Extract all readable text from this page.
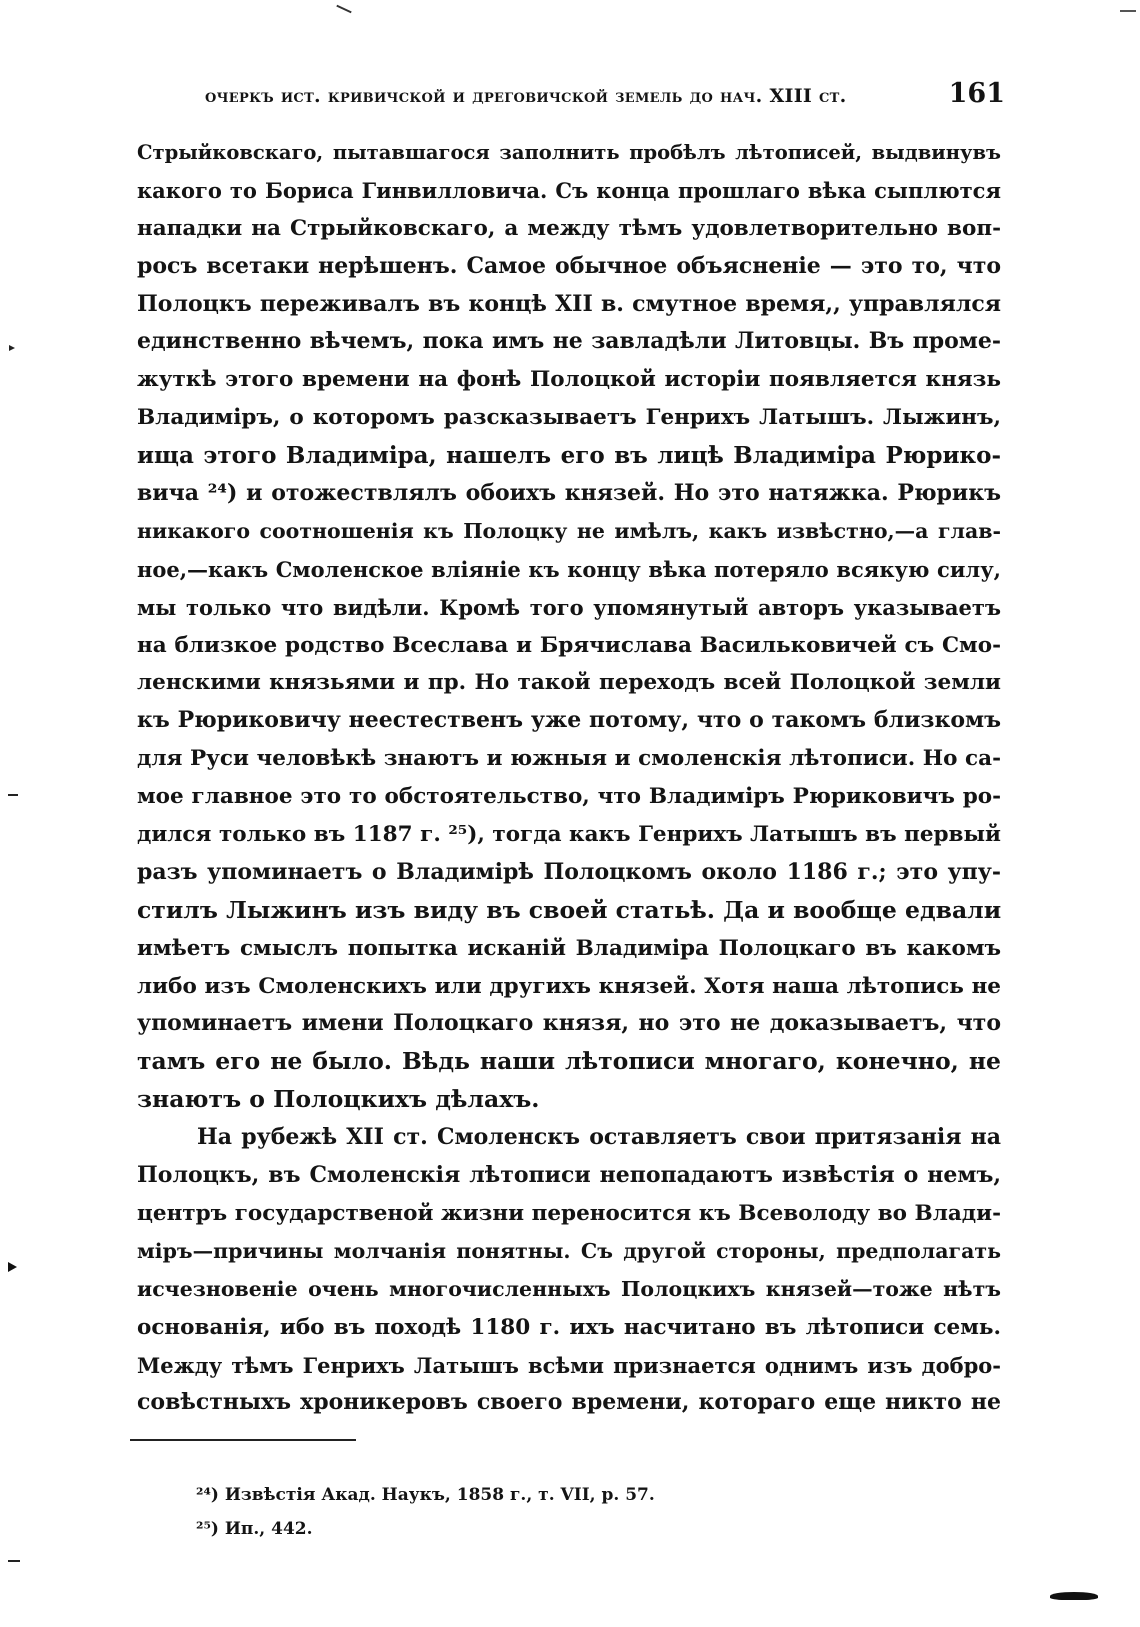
очеркъ ист. кривичской и дреговичской земель до нач. XIII ст.	161
Стрыйковскаго, пытавшагося заполнить пробѣлъ лѣтописей, выдвинувъ
какого то Бориса Гинвилловича. Съ конца прошлаго вѣка сыплются
нападки на Стрыйковскаго, а между тѣмъ удовлетворительно воп-
росъ всетаки нерѣшенъ. Самое обычное объясненіе — это то, что
Полоцкъ переживалъ въ концѣ XII в. смутное время,, управлялся
единственно вѣчемъ, пока имъ не завладѣли Литовцы. Въ проме-
жуткѣ этого времени на фонѣ Полоцкой исторіи появляется князь
Владиміръ, о которомъ разсказываетъ Генрихъ Латышъ. Лыжинъ,
ища этого Владиміра, нашелъ его въ лицѣ Владиміра Рюрико-
вича ²⁴) и отожествлялъ обоихъ князей. Но это натяжка. Рюрикъ
никакого соотношенія къ Полоцку не имѣлъ, какъ извѣстно,—а глав-
ное,—какъ Смоленское вліяніе къ концу вѣка потеряло всякую силу,
мы только что видѣли. Кромѣ того упомянутый авторъ указываетъ
на близкое родство Всеслава и Брячислава Васильковичей съ Смо-
ленскими князьями и пр. Но такой переходъ всей Полоцкой земли
къ Рюриковичу неестественъ уже потому, что о такомъ близкомъ
для Руси человѣкѣ знаютъ и южныя и смоленскія лѣтописи. Но са-
мое главное это то обстоятельство, что Владиміръ Рюриковичъ ро-
дился только въ 1187 г. ²⁵), тогда какъ Генрихъ Латышъ въ первый
разъ упоминаетъ о Владимірѣ Полоцкомъ около 1186 г.; это упу-
стилъ Лыжинъ изъ виду въ своей статьѣ. Да и вообще едвали
имѣетъ смыслъ попытка исканій Владиміра Полоцкаго въ какомъ
либо изъ Смоленскихъ или другихъ князей. Хотя наша лѣтопись не
упоминаетъ имени Полоцкаго князя, но это не доказываетъ, что
тамъ его не было. Вѣдь наши лѣтописи многаго, конечно, не
знаютъ о Полоцкихъ дѣлахъ.
На рубежѣ XII ст. Смоленскъ оставляетъ свои притязанія на
Полоцкъ, въ Смоленскія лѣтописи непопадаютъ извѣстія о немъ,
центръ государственой жизни переносится къ Всеволоду во Влади-
міръ—причины молчанія понятны. Съ другой стороны, предполагать
исчезновеніе очень многочисленныхъ Полоцкихъ князей—тоже нѣтъ
основанія, ибо въ походѣ 1180 г. ихъ насчитано въ лѣтописи семь.
Между тѣмъ Генрихъ Латышъ всѣми признается однимъ изъ добро-
совѣстныхъ хроникеровъ своего времени, котораго еще никто не
²⁴) Извѣстія Акад. Наукъ, 1858 г., т. VII, р. 57.
²⁵) Ип., 442.
